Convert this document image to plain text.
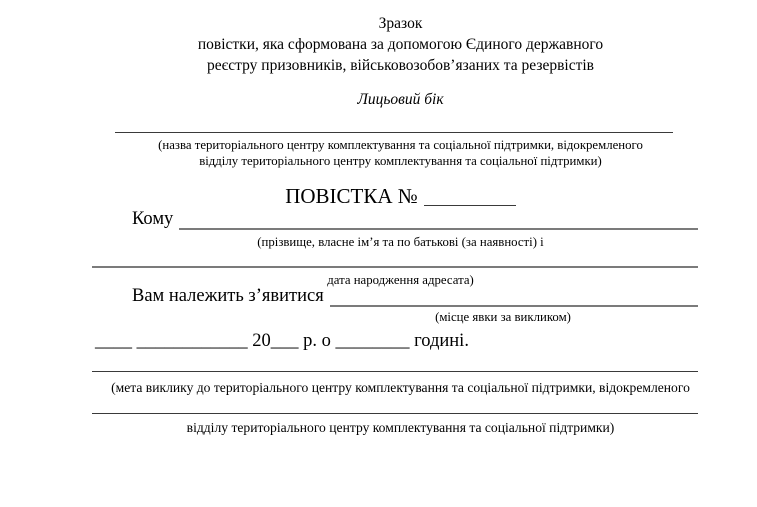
Зразок
повістки, яка сформована за допомогою Єдиного державного
реєстру призовників, військовозобов’язаних та резервістів
Лицьовий бік
(назва територіального центру комплектування та соціальної підтримки, відокремленого
відділу територіального центру комплектування та соціальної підтримки)
ПОВІСТКА №
Кому
(прізвище, власне ім’я та по батькові (за наявності) і
дата народження адресата)
Вам належить з’явитися
(місце явки за викликом)
____ ____________ 20___ р. о ________ годині.
(мета виклику до територіального центру комплектування та соціальної підтримки, відокремленого
відділу територіального центру комплектування та соціальної підтримки)
